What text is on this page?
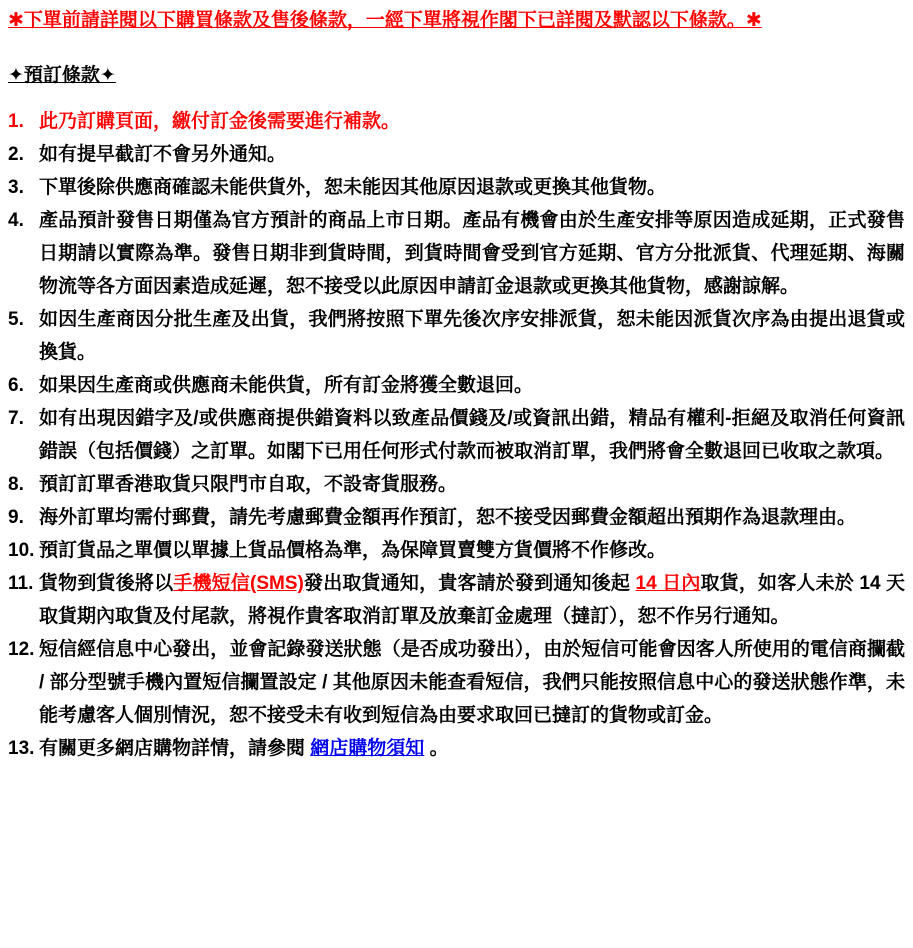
✱下單前請詳閱以下購買條款及售後條款，一經下單將視作閣下已詳閱及默認以下條款。✱
✦預訂條款✦
1. 此乃訂購頁面，繳付訂金後需要進行補款。
2. 如有提早截訂不會另外通知。
3. 下單後除供應商確認未能供貨外，恕未能因其他原因退款或更換其他貨物。
4. 產品預計發售日期僅為官方預計的商品上市日期。產品有機會由於生產安排等原因造成延期，正式發售日期請以實際為準。發售日期非到貨時間，到貨時間會受到官方延期、官方分批派貨、代理延期、海關物流等各方面因素造成延遲，恕不接受以此原因申請訂金退款或更換其他貨物，感謝諒解。
5. 如因生產商因分批生產及出貨，我們將按照下單先後次序安排派貨，恕未能因派貨次序為由提出退貨或換貨。
6. 如果因生產商或供應商未能供貨，所有訂金將獲全數退回。
7. 如有出現因錯字及/或供應商提供錯資料以致產品價錢及/或資訊出錯，精品有權利-拒絕及取消任何資訊錯誤（包括價錢）之訂單。如閣下已用任何形式付款而被取消訂單，我們將會全數退回已收取之款項。
8. 預訂訂單香港取貨只限門市自取，不設寄貨服務。
9. 海外訂單均需付郵費，請先考慮郵費金額再作預訂，恕不接受因郵費金額超出預期作為退款理由。
10. 預訂貨品之單價以單據上貨品價格為準，為保障買賣雙方貨價將不作修改。
11. 貨物到貨後將以手機短信(SMS)發出取貨通知，貴客請於發到通知後起 14 日內取貨，如客人未於 14 天取貨期內取貨及付尾款，將視作貴客取消訂單及放棄訂金處理（撻訂），恕不作另行通知。
12. 短信經信息中心發出，並會記錄發送狀態（是否成功發出），由於短信可能會因客人所使用的電信商攔截 / 部分型號手機內置短信攔置設定 / 其他原因未能查看短信，我們只能按照信息中心的發送狀態作準，未能考慮客人個別情況，恕不接受未有收到短信為由要求取回已撻訂的貨物或訂金。
13. 有關更多網店購物詳情，請參閱 網店購物須知 。
